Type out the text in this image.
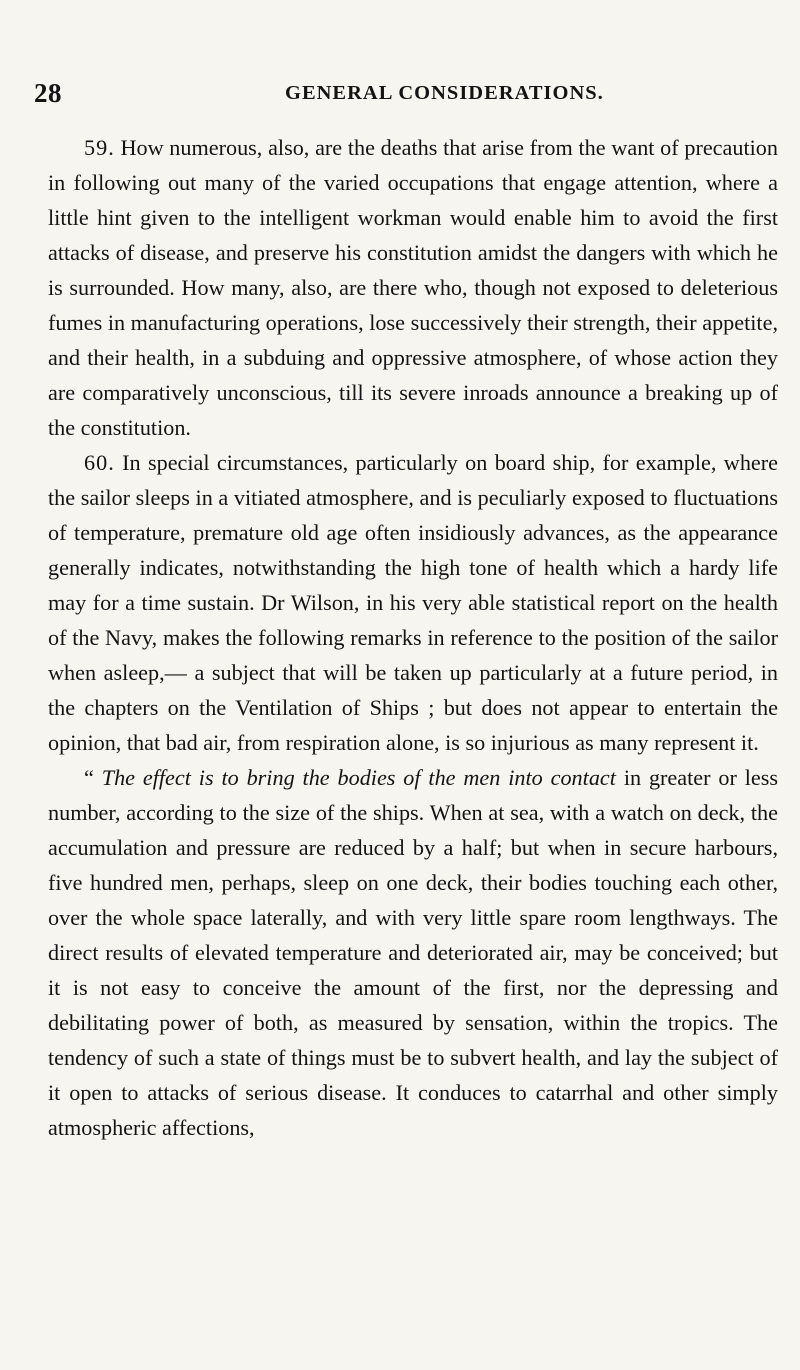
28	GENERAL CONSIDERATIONS.

59. How numerous, also, are the deaths that arise from the want of precaution in following out many of the varied occupations that engage attention, where a little hint given to the intelligent workman would enable him to avoid the first attacks of disease, and preserve his constitution amidst the dangers with which he is surrounded. How many, also, are there who, though not exposed to deleterious fumes in manufacturing operations, lose successively their strength, their appetite, and their health, in a subduing and oppressive atmosphere, of whose action they are comparatively unconscious, till its severe inroads announce a breaking up of the constitution.

60. In special circumstances, particularly on board ship, for example, where the sailor sleeps in a vitiated atmosphere, and is peculiarly exposed to fluctuations of temperature, premature old age often insidiously advances, as the appearance generally indicates, notwithstanding the high tone of health which a hardy life may for a time sustain. Dr Wilson, in his very able statistical report on the health of the Navy, makes the following remarks in reference to the position of the sailor when asleep,— a subject that will be taken up particularly at a future period, in the chapters on the Ventilation of Ships ; but does not appear to entertain the opinion, that bad air, from respiration alone, is so injurious as many represent it.

“ The effect is to bring the bodies of the men into contact in greater or less number, according to the size of the ships. When at sea, with a watch on deck, the accumulation and pressure are reduced by a half; but when in secure harbours, five hundred men, perhaps, sleep on one deck, their bodies touching each other, over the whole space laterally, and with very little spare room lengthways. The direct results of elevated temperature and deteriorated air, may be conceived; but it is not easy to conceive the amount of the first, nor the depressing and debilitating power of both, as measured by sensation, within the tropics. The tendency of such a state of things must be to subvert health, and lay the subject of it open to attacks of serious disease. It conduces to catarrhal and other simply atmospheric affections,
